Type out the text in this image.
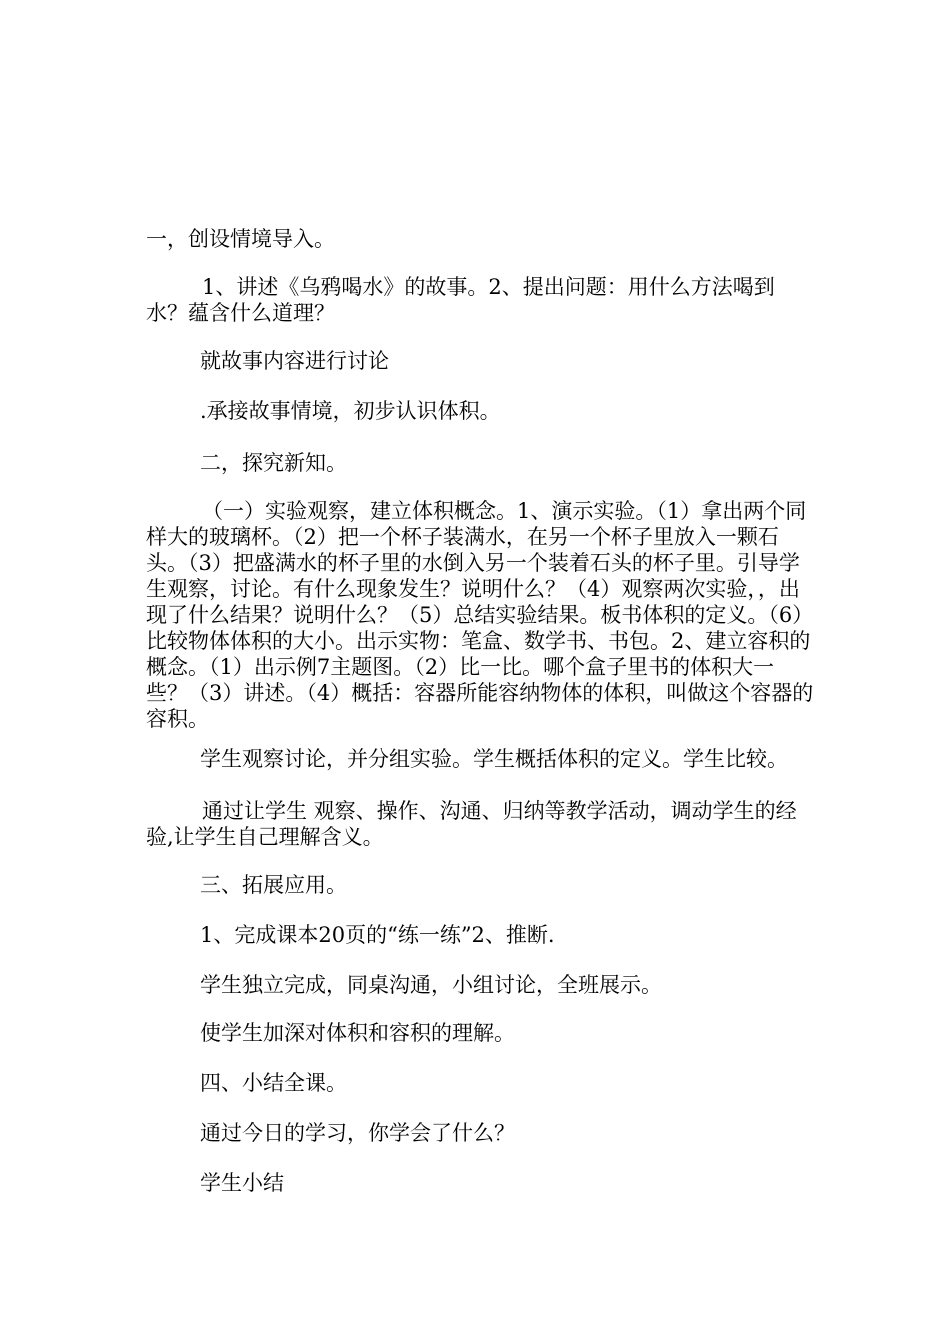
一，创设情境导入。
1、讲述《乌鸦喝水》的故事。2、提出问题：用什么方法喝到水？蕴含什么道理？
就故事内容进行讨论
.承接故事情境，初步认识体积。
二，探究新知。
（一）实验观察，建立体积概念。1、演示实验。（1）拿出两个同样大的玻璃杯。（2）把一个杯子装满水，在另一个杯子里放入一颗石头。（3）把盛满水的杯子里的水倒入另一个装着石头的杯子里。引导学生观察，讨论。有什么现象发生？说明什么？（4）观察两次实验，，出现了什么结果？说明什么？（5）总结实验结果。板书体积的定义。（6）比较物体体积的大小。出示实物：笔盒、数学书、书包。2、建立容积的概念。（1）出示例7主题图。（2）比一比。哪个盒子里书的体积大一些？（3）讲述。（4）概括：容器所能容纳物体的体积，叫做这个容器的容积。
学生观察讨论，并分组实验。学生概括体积的定义。学生比较。
通过让学生 观察、操作、沟通、归纳等教学活动，调动学生的经验,让学生自己理解含义。
三、拓展应用。
1、完成课本20页的“练一练”2、推断.
学生独立完成，同桌沟通，小组讨论，全班展示。
使学生加深对体积和容积的理解。
四、小结全课。
通过今日的学习，你学会了什么？
学生小结
